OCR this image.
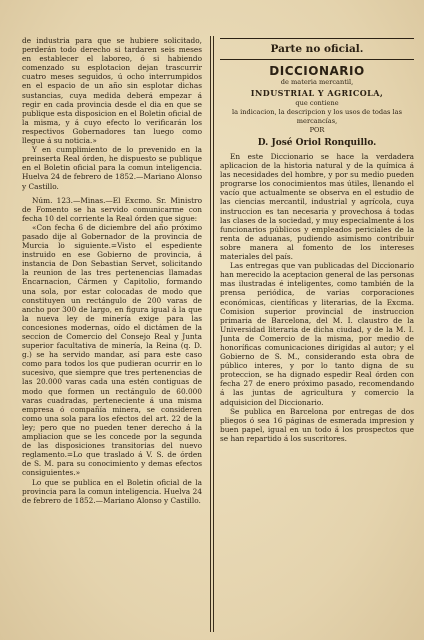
de industria para que se hubiere solicitado, perderán todo derecho si tardaren seis meses en establecer el laboreo, ó si habiendo comenzado su esplotacion dejan trascurrir cuatro meses seguidos, ú ocho interrumpidos en el espacio de un año sin esplotar dichas sustancias, cuya medida deberá empezar á regir en cada provincia desde el dia en que se publique esta disposicion en el Boletin oficial de la misma, y á cuyo efecto lo verificarán los respectivos Gobernadores tan luego como llegue á su noticia.»

Y en cumplimiento de lo prevenido en la preinserta Real órden, he dispuesto se publique en el Boletin oficial para la comun inteligencia. Huelva 24 de febrero de 1852.—Mariano Alonso y Castillo.

Núm. 123.—Minas.—El Excmo. Sr. Ministro de Fomento se ha servido comunicarme con fecha 10 del corriente la Real órden que sigue:

«Con fecha 6 de diciembre del año próximo pasado dije al Gobernador de la provincia de Murcia lo siguiente.=Visto el espediente instruido en ese Gobierno de provincia, á instancia de Don Sebastian Servet, solicitando la reunion de las tres pertenencias llamadas Encarnacion, Cármen y Capitolio, formando una sola, por estar colocadas de modo que constituyen un rectángulo de 200 varas de ancho por 300 de largo, en figura igual á la que la nueva ley de minería exige para las concesiones modernas, oído el dictámen de la seccion de Comercio del Consejo Real y Junta superior facultativa de minería, la Reina (q. D. g.) se ha servido mandar, así para este caso como para todos los que pudieran ocurrir en lo sucesivo, que siempre que tres pertenencias de las 20.000 varas cada una estén contiguas de modo que formen un rectángulo de 60.000 varas cuadradas, perteneciente á una misma empresa ó compañía minera, se consideren como una sola para los efectos del art. 22 de la ley; pero que no pueden tener derecho á la ampliacion que se les concede por la segunda de las disposiciones transitorias del nuevo reglamento.=Lo que traslado á V. S. de órden de S. M. para su conocimiento y demas efectos consiguientes.»

Lo que se publica en el Boletin oficial de la provincia para la comun inteligencia. Huelva 24 de febrero de 1852.—Mariano Alonso y Castillo.

Parte no oficial.
DICCIONARIO
de materia mercantil,
INDUSTRIAL Y AGRICOLA,
que contiene
la indicacion, la descripcion y los usos de todas las mercancías,
POR
D. José Oriol Ronquillo.

En este Diccionario se hace la verdadera aplicacion de la historia natural y de la química á las necesidades del hombre, y por su medio pueden prograrse los conocimientos mas útiles, llenando el vacío que actualmente se observa en el estudio de las ciencias mercantil, industrial y agrícola, cuya instruccion es tan necesaria y provechosa á todas las clases de la sociedad, y muy especialmente á los funcionarios públicos y empleados periciales de la renta de aduanas, pudiendo asimismo contribuir sobre manera al fomento de los intereses materiales del país.

Las entregas que van publicadas del Diccionario han merecido la aceptacion general de las personas mas ilustradas é inteligentes, como también de la prensa periódica, de varias corporaciones económicas, científicas y literarias, de la Excma. Comision superior provincial de instruccion primaria de Barcelona, del M. I. claustro de la Universidad literaria de dicha ciudad, y de la M. I. Junta de Comercio de la misma, por medio de honoríficas comunicaciones dirigidas al autor; y el Gobierno de S. M., considerando esta obra de público interes, y por lo tanto digna de su proteccion, se ha dignado espedir Real órden con fecha 27 de enero próximo pasado, recomendando á las juntas de agricultura y comercio la adquisicion del Diccionario.

Se publica en Barcelona por entregas de dos pliegos ó sea 16 páginas de esmerada impresion y buen papel, igual en un todo á los prospectos que se han repartido á los suscritores.
